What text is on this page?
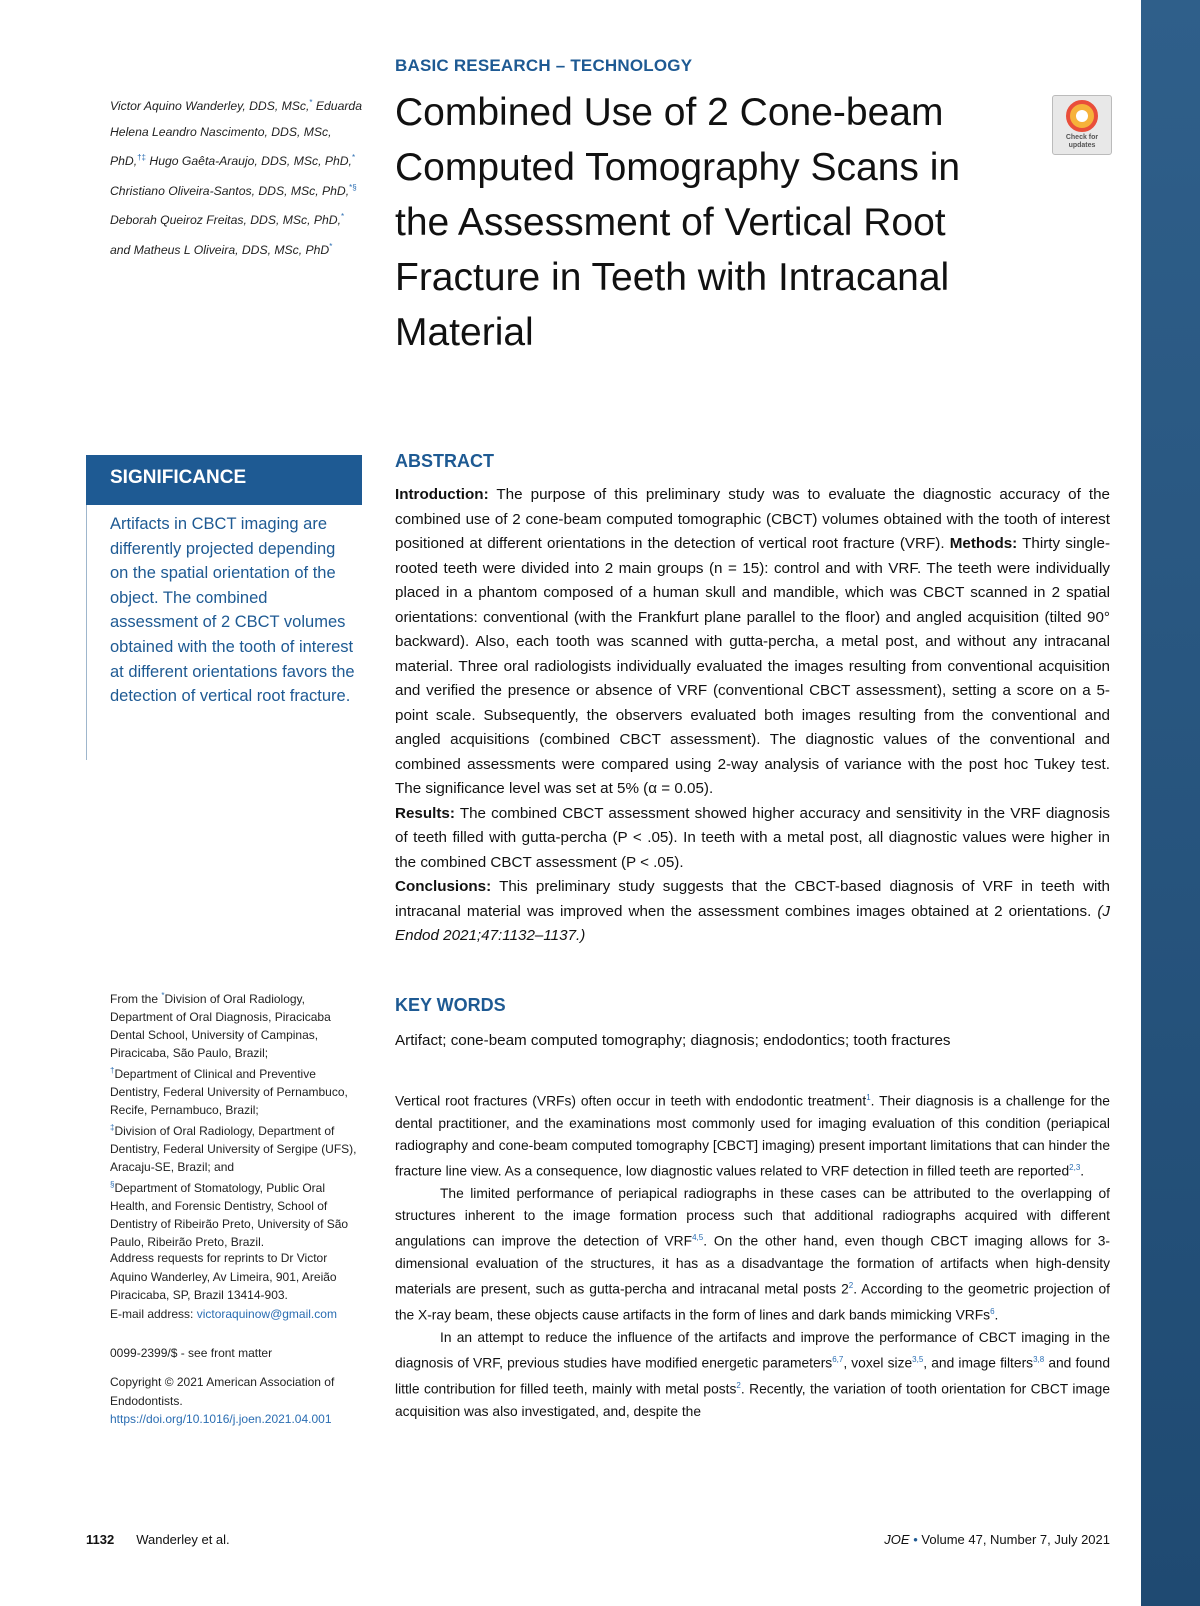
BASIC RESEARCH – TECHNOLOGY
Combined Use of 2 Cone-beam Computed Tomography Scans in the Assessment of Vertical Root Fracture in Teeth with Intracanal Material
Check for updates
Victor Aquino Wanderley, DDS, MSc,* Eduarda Helena Leandro Nascimento, DDS, MSc, PhD,†‡ Hugo Gaêta-Araujo, DDS, MSc, PhD,* Christiano Oliveira-Santos, DDS, MSc, PhD,*§ Deborah Queiroz Freitas, DDS, MSc, PhD,* and Matheus L Oliveira, DDS, MSc, PhD*
SIGNIFICANCE
Artifacts in CBCT imaging are differently projected depending on the spatial orientation of the object. The combined assessment of 2 CBCT volumes obtained with the tooth of interest at different orientations favors the detection of vertical root fracture.
ABSTRACT
Introduction: The purpose of this preliminary study was to evaluate the diagnostic accuracy of the combined use of 2 cone-beam computed tomographic (CBCT) volumes obtained with the tooth of interest positioned at different orientations in the detection of vertical root fracture (VRF). Methods: Thirty single-rooted teeth were divided into 2 main groups (n = 15): control and with VRF. The teeth were individually placed in a phantom composed of a human skull and mandible, which was CBCT scanned in 2 spatial orientations: conventional (with the Frankfurt plane parallel to the floor) and angled acquisition (tilted 90° backward). Also, each tooth was scanned with gutta-percha, a metal post, and without any intracanal material. Three oral radiologists individually evaluated the images resulting from conventional acquisition and verified the presence or absence of VRF (conventional CBCT assessment), setting a score on a 5-point scale. Subsequently, the observers evaluated both images resulting from the conventional and angled acquisitions (combined CBCT assessment). The diagnostic values of the conventional and combined assessments were compared using 2-way analysis of variance with the post hoc Tukey test. The significance level was set at 5% (α = 0.05).
Results: The combined CBCT assessment showed higher accuracy and sensitivity in the VRF diagnosis of teeth filled with gutta-percha (P < .05). In teeth with a metal post, all diagnostic values were higher in the combined CBCT assessment (P < .05).
Conclusions: This preliminary study suggests that the CBCT-based diagnosis of VRF in teeth with intracanal material was improved when the assessment combines images obtained at 2 orientations. (J Endod 2021;47:1132–1137.)
KEY WORDS
Artifact; cone-beam computed tomography; diagnosis; endodontics; tooth fractures
From the *Division of Oral Radiology, Department of Oral Diagnosis, Piracicaba Dental School, University of Campinas, Piracicaba, São Paulo, Brazil;
†Department of Clinical and Preventive Dentistry, Federal University of Pernambuco, Recife, Pernambuco, Brazil;
‡Division of Oral Radiology, Department of Dentistry, Federal University of Sergipe (UFS), Aracaju-SE, Brazil; and
§Department of Stomatology, Public Oral Health, and Forensic Dentistry, School of Dentistry of Ribeirão Preto, University of São Paulo, Ribeirão Preto, Brazil.
Address requests for reprints to Dr Victor Aquino Wanderley, Av Limeira, 901, Areião Piracicaba, SP, Brazil 13414-903.
E-mail address: victoraquinow@gmail.com
0099-2399/$ - see front matter
Copyright © 2021 American Association of Endodontists.
https://doi.org/10.1016/j.joen.2021.04.001

Vertical root fractures (VRFs) often occur in teeth with endodontic treatment$^1$. Their diagnosis is a challenge for the dental practitioner, and the examinations most commonly used for imaging evaluation of this condition (periapical radiography and cone-beam computed tomography [CBCT] imaging) present important limitations that can hinder the fracture line view. As a consequence, low diagnostic values related to VRF detection in filled teeth are reported$^{2,3}$.

The limited performance of periapical radiographs in these cases can be attributed to the overlapping of structures inherent to the image formation process such that additional radiographs acquired with different angulations can improve the detection of VRF$^{4,5}$. On the other hand, even though CBCT imaging allows for 3-dimensional evaluation of the structures, it has as a disadvantage the formation of artifacts when high-density materials are present, such as gutta-percha and intracanal metal posts $2^2$. According to the geometric projection of the X-ray beam, these objects cause artifacts in the form of lines and dark bands mimicking VRFs$^6$.

In an attempt to reduce the influence of the artifacts and improve the performance of CBCT imaging in the diagnosis of VRF, previous studies have modified energetic parameters$^{6,7}$, voxel size$^{3,5}$, and image filters$^{3,8}$ and found little contribution for filled teeth, mainly with metal posts$^2$. Recently, the variation of tooth orientation for CBCT image acquisition was also investigated, and, despite the

1132 Wanderley et al.	JOE • Volume 47, Number 7, July 2021
